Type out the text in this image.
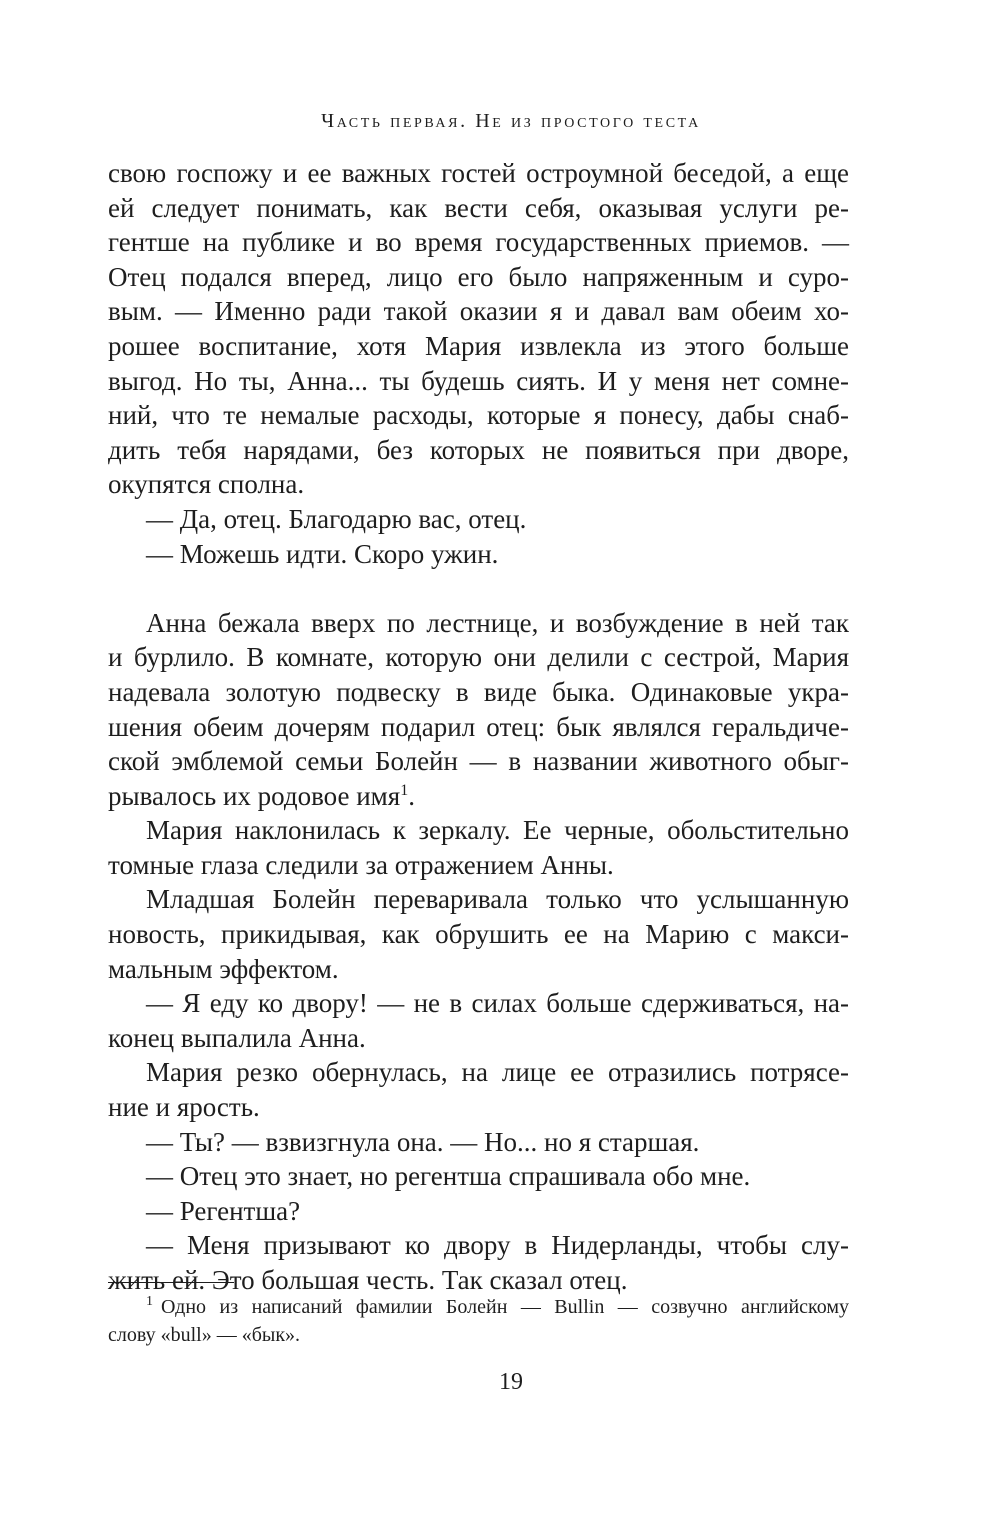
Часть первая. Не из простого теста
свою госпожу и ее важных гостей остроумной беседой, а еще
ей следует понимать, как вести себя, оказывая услуги ре-
гентше на публике и во время государственных приемов. —
Отец подался вперед, лицо его было напряженным и суро-
вым. — Именно ради такой оказии я и давал вам обеим хо-
рошее воспитание, хотя Мария извлекла из этого больше
выгод. Но ты, Анна... ты будешь сиять. И у меня нет сомне-
ний, что те немалые расходы, которые я понесу, дабы снаб-
дить тебя нарядами, без которых не появиться при дворе,
окупятся сполна.
— Да, отец. Благодарю вас, отец.
— Можешь идти. Скоро ужин.
Анна бежала вверх по лестнице, и возбуждение в ней так
и бурлило. В комнате, которую они делили с сестрой, Мария
надевала золотую подвеску в виде быка. Одинаковые укра-
шения обеим дочерям подарил отец: бык являлся геральдиче-
ской эмблемой семьи Болейн — в названии животного обыг-
рывалось их родовое имя$^1$.
Мария наклонилась к зеркалу. Ее черные, обольстительно
томные глаза следили за отражением Анны.
Младшая Болейн переваривала только что услышанную
новость, прикидывая, как обрушить ее на Марию с макси-
мальным эффектом.
— Я еду ко двору! — не в силах больше сдерживаться, на-
конец выпалила Анна.
Мария резко обернулась, на лице ее отразились потрясе-
ние и ярость.
— Ты? — взвизгнула она. — Но... но я старшая.
— Отец это знает, но регентша спрашивала обо мне.
— Регентша?
— Меня призывают ко двору в Нидерланды, чтобы слу-
жить ей. Это большая честь. Так сказал отец.
$^1$ Одно из написаний фамилии Болейн — Bullin — созвучно английскому
слову «bull» — «бык».
19
